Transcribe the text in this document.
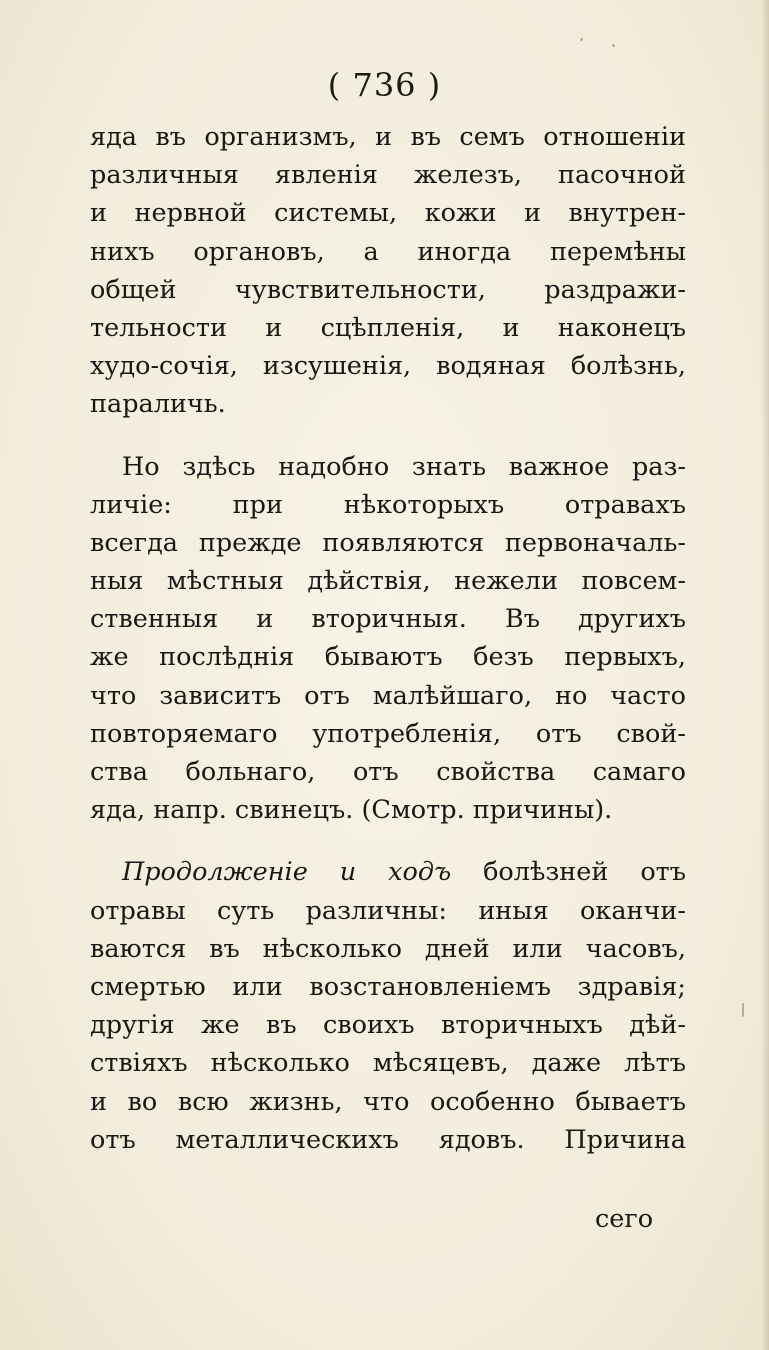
( 736 )
яда въ организмъ, и въ семъ отношеніи
различныя явленія железъ, пасочной
и нервной системы, кожи и внутрен-
нихъ органовъ, а иногда перемѣны
общей чувствительности, раздражи-
тельности и сцѣпленія, и наконецъ
худо-сочія, изсушенія, водяная болѣзнь,
параличь.
Но здѣсь надобно знать важное раз-
личіе: при нѣкоторыхъ отравахъ
всегда прежде появляются первоначаль-
ныя мѣстныя дѣйствія, нежели повсем-
ственныя и вторичныя. Въ другихъ
же послѣднія бываютъ безъ первыхъ,
что зависитъ отъ малѣйшаго, но часто
повторяемаго употребленія, отъ свой-
ства больнаго, отъ свойства самаго
яда, напр. свинецъ. (Смотр. причины).
Продолженіе и ходъ болѣзней отъ
отравы суть различны: иныя оканчи-
ваются въ нѣсколько дней или часовъ,
смертью или возстановленіемъ здравія;
другія же въ своихъ вторичныхъ дѣй-
ствіяхъ нѣсколько мѣсяцевъ, даже лѣтъ
и во всю жизнь, что особенно бываетъ
отъ металлическихъ ядовъ. Причина
сего
